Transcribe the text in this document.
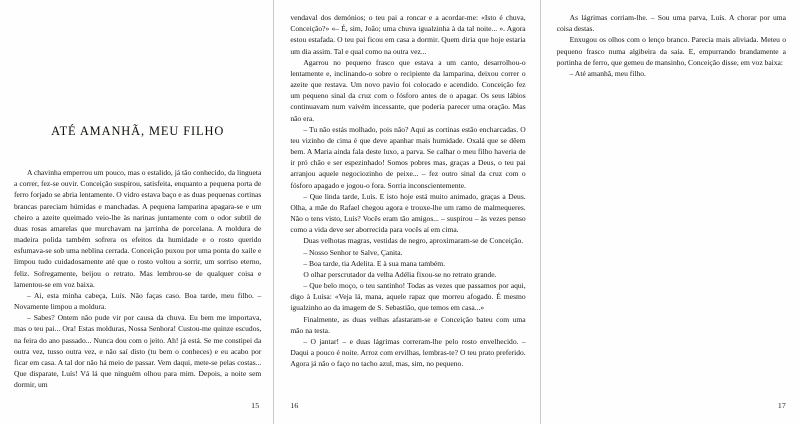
ATÉ AMANHÃ, MEU FILHO

A chavinha emperrou um pouco, mas o estalido, já tão conhecido, da lingueta a correr, fez-se ouvir. Conceição suspirou, satisfeita, enquanto a pequena porta de ferro forjado se abria lentamente. O vidro estava baço e as duas pequenas cortinas brancas pareciam húmidas e manchadas. A pequena lamparina apagara-se e um cheiro a azeite queimado veio-lhe às narinas juntamente com o odor subtil de duas rosas amarelas que murchavam na jarrinha de porcelana. A moldura de madeira polida também sofrera os efeitos da humidade e o rosto querido esfumava-se sob uma neblina cerrada. Conceição puxou por uma ponta do xaile e limpou tudo cuidadosamente até que o rosto voltou a sorrir, um sorriso eterno, feliz. Sofregamente, beijou o retrato. Mas lembrou-se de qualquer coisa e lamentou-se em voz baixa.

– Ai, esta minha cabeça, Luís. Não faças caso. Boa tarde, meu filho. – Novamente limpou a moldura.

– Sabes? Ontem não pude vir por causa da chuva. Eu bem me importava, mas o teu pai... Ora! Estas molduras, Nossa Senhora! Custou-me quinze escudos, na feira do ano passado... Nunca dou com o jeito. Ah! já está. Se me constipei da outra vez, tusso outra vez, e não saí disto (tu bem o conheces) e eu acabo por ficar em casa. A tal dor não há meio de passar. Vem daqui, mete-se pelas costas... Que disparate, Luís! Vá lá que ninguém olhou para mim. Depois, a noite sem dormir, um

15

vendaval dos demónios; o teu pai a roncar e a acordar-me: «Isto é chuva, Conceição?» «– É, sim, João; uma chuva igualzinha à da tal noite... ». Agora estou estafada. O teu pai ficou em casa a dormir. Quem diria que hoje estaria um dia assim. Tal e qual como na outra vez...

Agarrou no pequeno frasco que estava a um canto, desarrolhou-o lentamente e, inclinando-o sobre o recipiente da lamparina, deixou correr o azeite que restava. Um novo pavio foi colocado e acendido. Conceição fez um pequeno sinal da cruz com o fósforo antes de o apagar. Os seus lábios continuavam num vaivém incessante, que poderia parecer uma oração. Mas não era.

– Tu não estás molhado, pois não? Aqui as cortinas estão encharcadas. O teu vizinho de cima é que deve apanhar mais humidade. Oxalá que se dêem bem. A Maria ainda fala deste luxo, a parva. Se calhar o meu filho haveria de ir pró chão e ser espezinhado! Somos pobres mas, graças a Deus, o teu pai arranjou aquele negociozinho de peixe... – fez outro sinal da cruz com o fósforo apagado e jogou-o fora. Sorria inconscientemente.

– Que linda tarde, Luís. E isto hoje está muito animado, graças a Deus. Olha, a mãe do Rafael chegou agora e trouxe-lhe um ramo de malmequeres. Não o tens visto, Luís? Vocês eram tão amigos... – suspirou – às vezes penso como a vida deve ser aborrecida para vocês aí em cima.

Duas velhotas magras, vestidas de negro, aproximaram-se de Conceição.

– Nosso Senhor te Salve, Çanita.

– Boa tarde, tia Adelita. E à sua mana também.

O olhar perscrutador da velha Adélia fixou-se no retrato grande.

– Que belo moço, o teu santinho! Todas as vezes que passamos por aqui, digo à Luísa: «Veja lá, mana, aquele rapaz que morreu afogado. É mesmo igualzinho ao da imagem de S. Sebastião, que temos em casa...»

Finalmente, as duas velhas afastaram-se e Conceição bateu com uma mão na testa.

– O jantar! – e duas lágrimas correram-lhe pelo rosto envelhecido. – Daqui a pouco é noite. Arroz com ervilhas, lembras-te? O teu prato preferido. Agora já não o faço no tacho azul, mas, sim, no pequeno.

16

As lágrimas corriam-lhe. – Sou uma parva, Luís. A chorar por uma coisa destas.

Enxugou os olhos com o lenço branco. Parecia mais aliviada. Meteu o pequeno frasco numa algibeira da saia. E, empurrando brandamente a portinha de ferro, que gemeu de mansinho, Conceição disse, em voz baixa:

– Até amanhã, meu filho.

17
